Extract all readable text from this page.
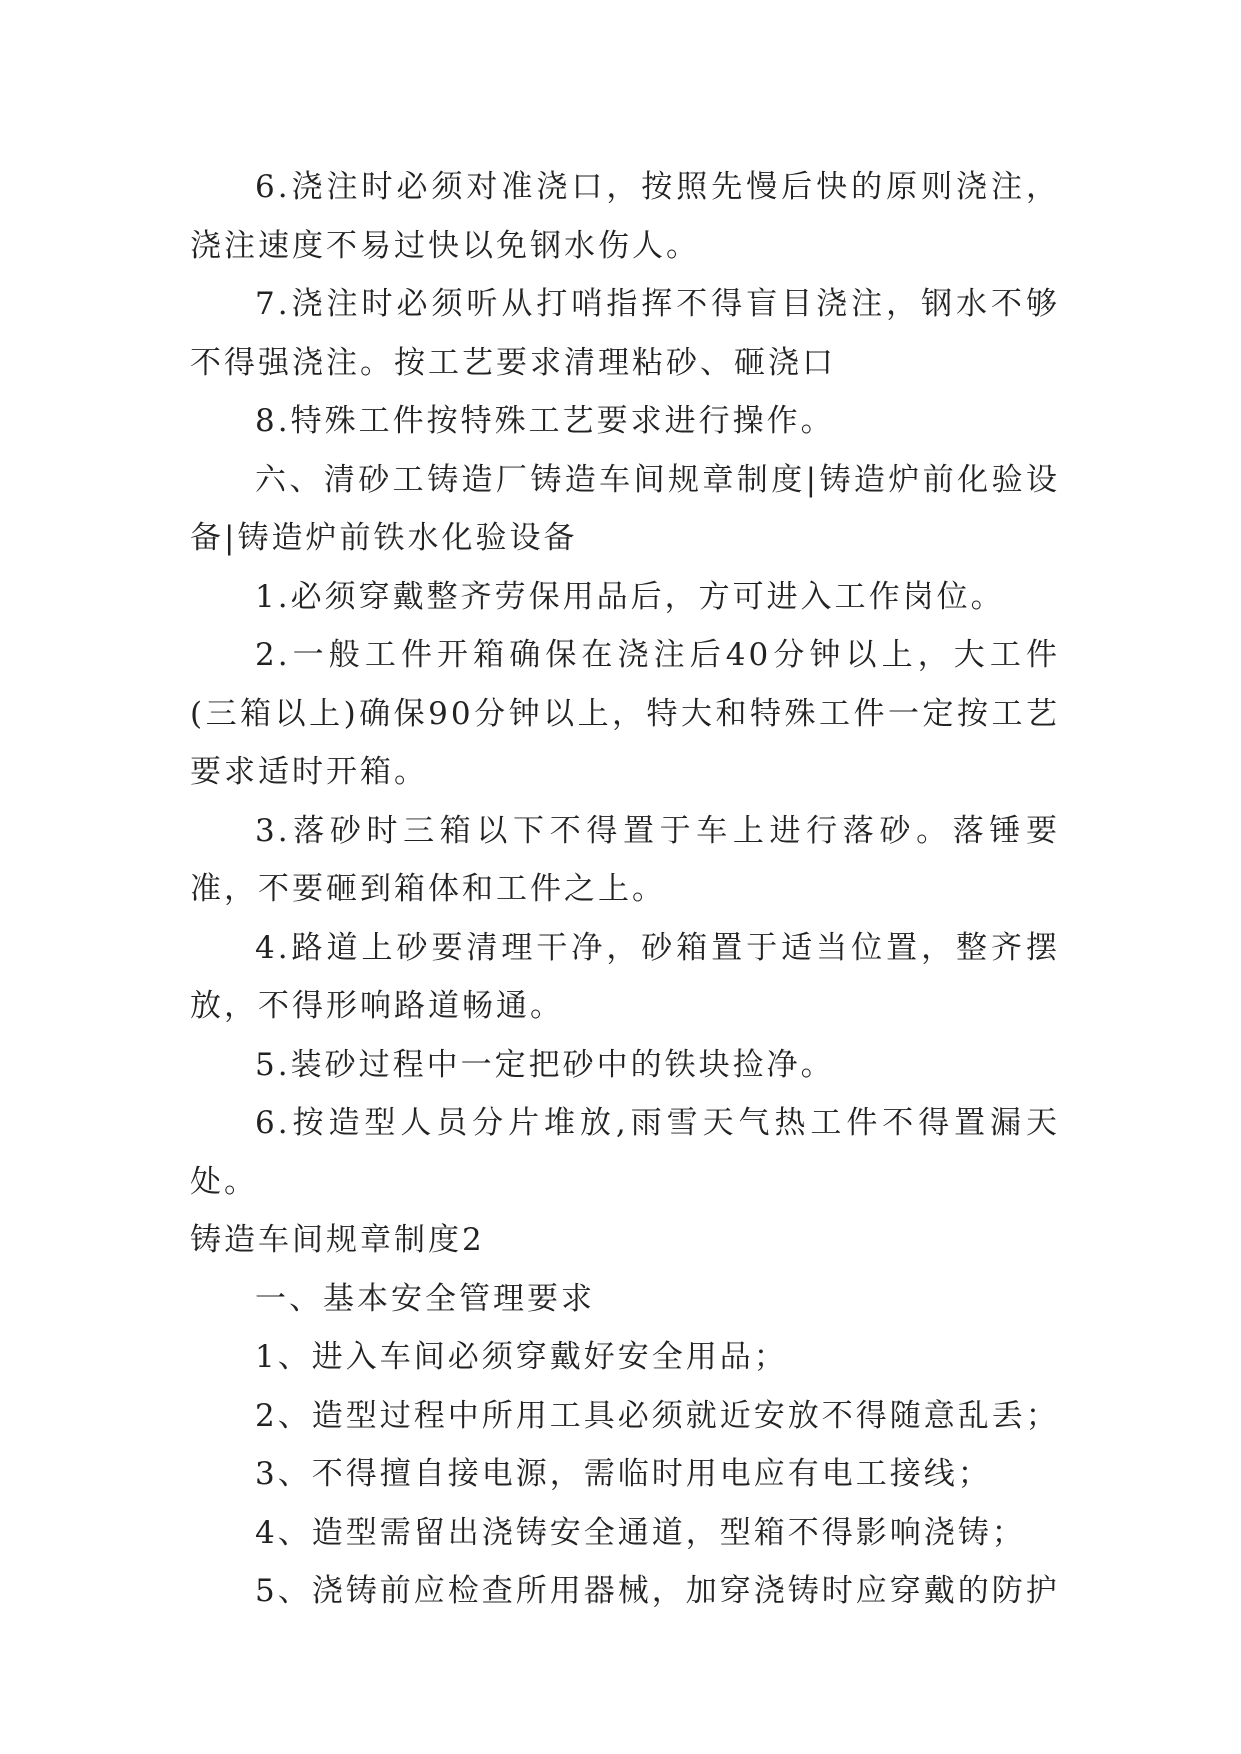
6.浇注时必须对准浇口，按照先慢后快的原则浇注，浇注速度不易过快以免钢水伤人。

7.浇注时必须听从打哨指挥不得盲目浇注，钢水不够不得强浇注。按工艺要求清理粘砂、砸浇口

8.特殊工件按特殊工艺要求进行操作。

六、清砂工铸造厂铸造车间规章制度|铸造炉前化验设备|铸造炉前铁水化验设备

1.必须穿戴整齐劳保用品后，方可进入工作岗位。

2.一般工件开箱确保在浇注后40分钟以上，大工件(三箱以上)确保90分钟以上，特大和特殊工件一定按工艺要求适时开箱。

3.落砂时三箱以下不得置于车上进行落砂。落锤要准，不要砸到箱体和工件之上。

4.路道上砂要清理干净，砂箱置于适当位置，整齐摆放，不得形响路道畅通。

5.装砂过程中一定把砂中的铁块捡净。

6.按造型人员分片堆放,雨雪天气热工件不得置漏天处。

铸造车间规章制度2

一、基本安全管理要求

1、进入车间必须穿戴好安全用品；

2、造型过程中所用工具必须就近安放不得随意乱丢；

3、不得擅自接电源，需临时用电应有电工接线；

4、造型需留出浇铸安全通道，型箱不得影响浇铸；

5、浇铸前应检查所用器械，加穿浇铸时应穿戴的防护
